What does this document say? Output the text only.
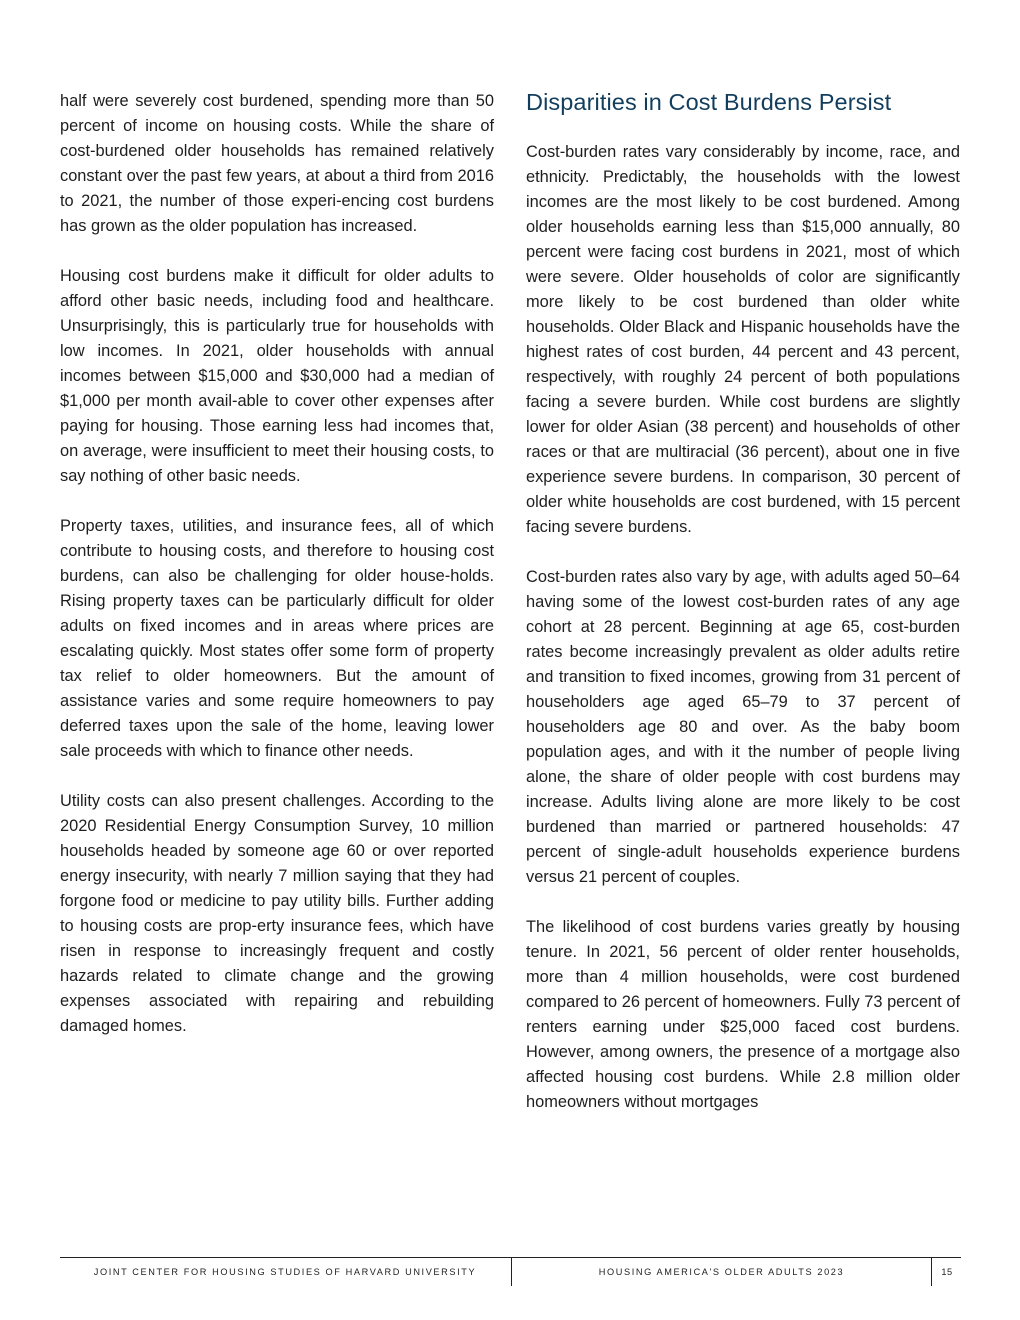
half were severely cost burdened, spending more than 50 percent of income on housing costs. While the share of cost-burdened older households has remained relatively constant over the past few years, at about a third from 2016 to 2021, the number of those experi-encing cost burdens has grown as the older population has increased.

Housing cost burdens make it difficult for older adults to afford other basic needs, including food and healthcare. Unsurprisingly, this is particularly true for households with low incomes. In 2021, older households with annual incomes between $15,000 and $30,000 had a median of $1,000 per month avail-able to cover other expenses after paying for housing. Those earning less had incomes that, on average, were insufficient to meet their housing costs, to say nothing of other basic needs.

Property taxes, utilities, and insurance fees, all of which contribute to housing costs, and therefore to housing cost burdens, can also be challenging for older house-holds. Rising property taxes can be particularly difficult for older adults on fixed incomes and in areas where prices are escalating quickly. Most states offer some form of property tax relief to older homeowners. But the amount of assistance varies and some require homeowners to pay deferred taxes upon the sale of the home, leaving lower sale proceeds with which to finance other needs.

Utility costs can also present challenges. According to the 2020 Residential Energy Consumption Survey, 10 million households headed by someone age 60 or over reported energy insecurity, with nearly 7 million saying that they had forgone food or medicine to pay utility bills. Further adding to housing costs are prop-erty insurance fees, which have risen in response to increasingly frequent and costly hazards related to climate change and the growing expenses associated with repairing and rebuilding damaged homes.

Disparities in Cost Burdens Persist

Cost-burden rates vary considerably by income, race, and ethnicity. Predictably, the households with the lowest incomes are the most likely to be cost burdened. Among older households earning less than $15,000 annually, 80 percent were facing cost burdens in 2021, most of which were severe. Older households of color are significantly more likely to be cost burdened than older white households. Older Black and Hispanic households have the highest rates of cost burden, 44 percent and 43 percent, respectively, with roughly 24 percent of both populations facing a severe burden. While cost burdens are slightly lower for older Asian (38 percent) and households of other races or that are multiracial (36 percent), about one in five experience severe burdens. In comparison, 30 percent of older white households are cost burdened, with 15 percent facing severe burdens.

Cost-burden rates also vary by age, with adults aged 50–64 having some of the lowest cost-burden rates of any age cohort at 28 percent. Beginning at age 65, cost-burden rates become increasingly prevalent as older adults retire and transition to fixed incomes, growing from 31 percent of householders age aged 65–79 to 37 percent of householders age 80 and over. As the baby boom population ages, and with it the number of people living alone, the share of older people with cost burdens may increase. Adults living alone are more likely to be cost burdened than married or partnered households: 47 percent of single-adult households experience burdens versus 21 percent of couples.

The likelihood of cost burdens varies greatly by housing tenure. In 2021, 56 percent of older renter households, more than 4 million households, were cost burdened compared to 26 percent of homeowners. Fully 73 percent of renters earning under $25,000 faced cost burdens. However, among owners, the presence of a mortgage also affected housing cost burdens. While 2.8 million older homeowners without mortgages

JOINT CENTER FOR HOUSING STUDIES OF HARVARD UNIVERSITY	HOUSING AMERICA'S OLDER ADULTS 2023	15
